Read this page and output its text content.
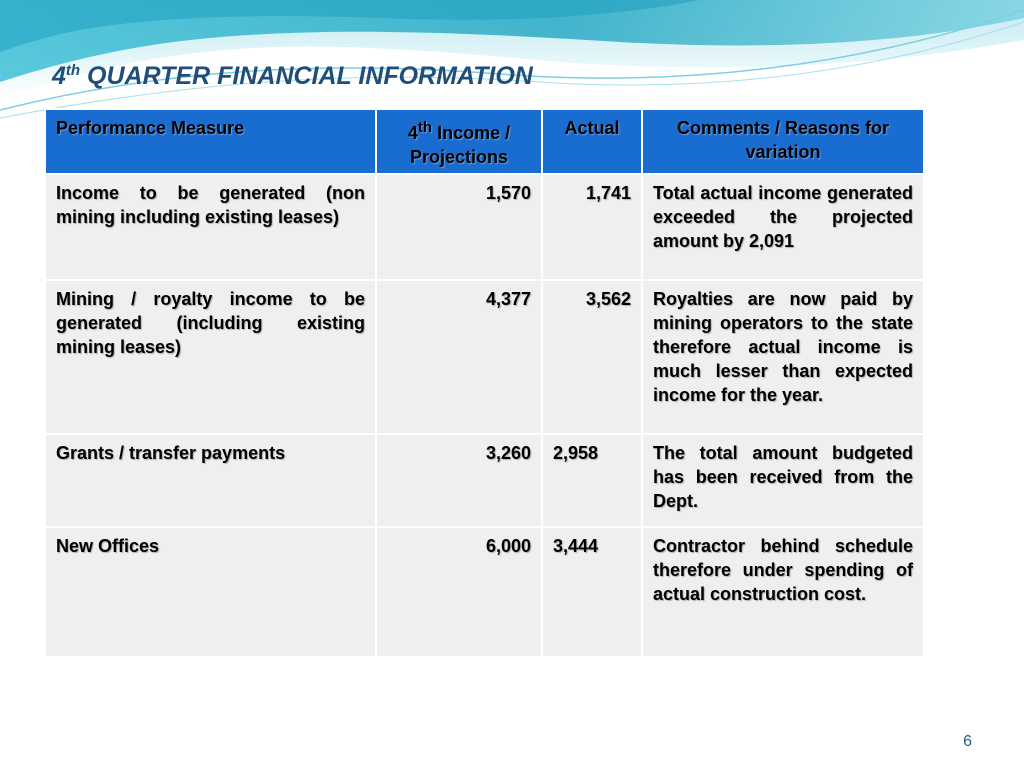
4th QUARTER FINANCIAL INFORMATION
Performance Measure	4th Income / Projections	Actual	Comments / Reasons for variation
Income to be generated (non mining including existing leases)	1,570	1,741	Total actual income generated exceeded the projected amount by 2,091
Mining / royalty income to be generated (including existing mining leases)	4,377	3,562	Royalties are now paid by mining operators to the state therefore actual income is much lesser than expected income for the year.
Grants / transfer payments	3,260	2,958	The total amount budgeted has been received from the Dept.
New Offices	6,000	3,444	Contractor behind schedule therefore under spending of actual construction cost.
6
